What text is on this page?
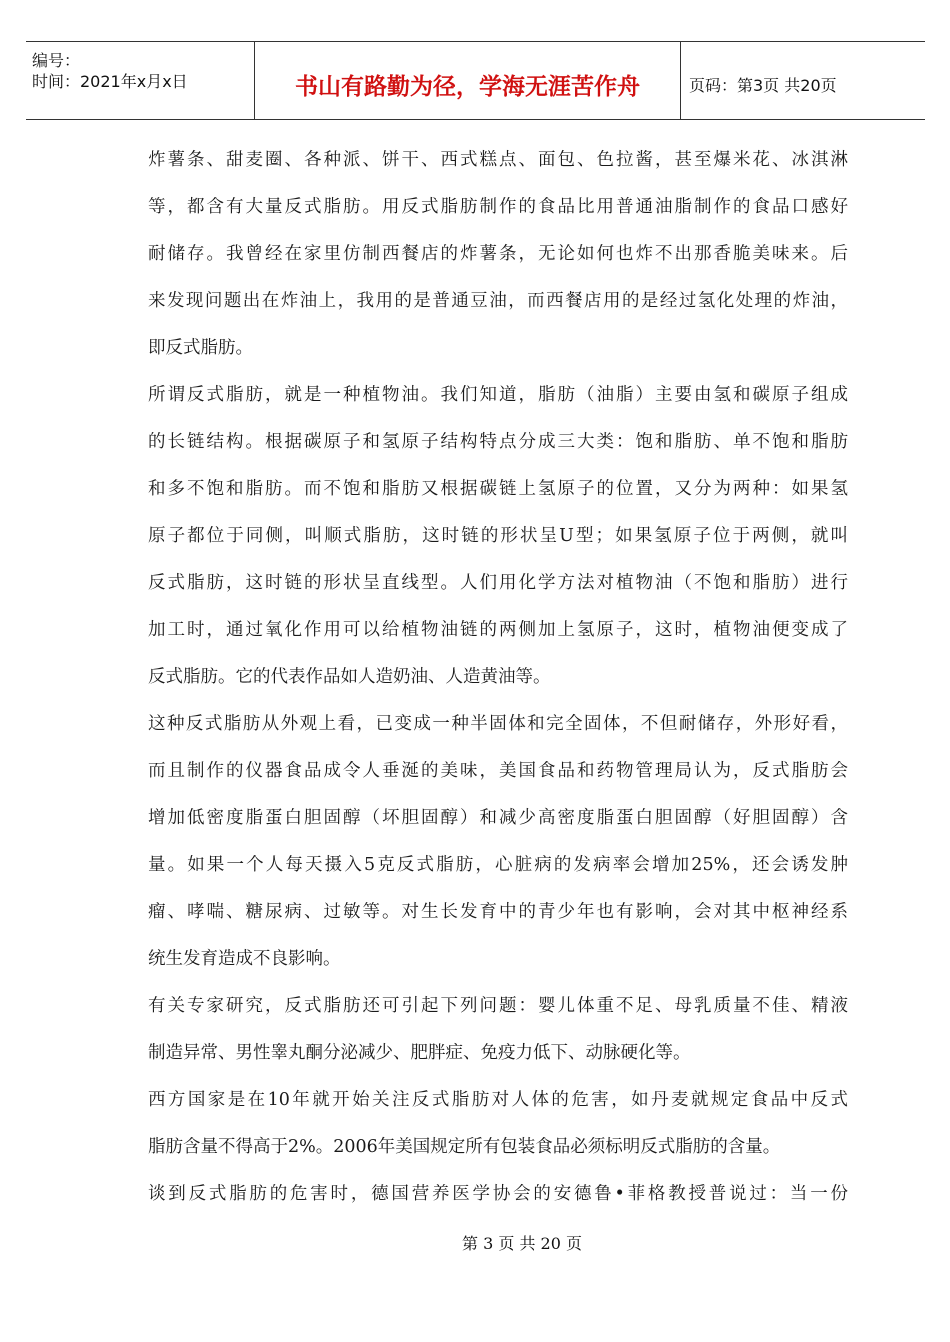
编号：
时间：2021年x月x日	书山有路勤为径，学海无涯苦作舟	页码：第3页 共20页
炸薯条、甜麦圈、各种派、饼干、西式糕点、面包、色拉酱，甚至爆米花、冰淇淋
等，都含有大量反式脂肪。用反式脂肪制作的食品比用普通油脂制作的食品口感好
耐储存。我曾经在家里仿制西餐店的炸薯条，无论如何也炸不出那香脆美味来。后
来发现问题出在炸油上，我用的是普通豆油，而西餐店用的是经过氢化处理的炸油，
即反式脂肪。
所谓反式脂肪，就是一种植物油。我们知道，脂肪（油脂）主要由氢和碳原子组成
的长链结构。根据碳原子和氢原子结构特点分成三大类：饱和脂肪、单不饱和脂肪
和多不饱和脂肪。而不饱和脂肪又根据碳链上氢原子的位置，又分为两种：如果氢
原子都位于同侧，叫顺式脂肪，这时链的形状呈U型；如果氢原子位于两侧，就叫
反式脂肪，这时链的形状呈直线型。人们用化学方法对植物油（不饱和脂肪）进行
加工时，通过氧化作用可以给植物油链的两侧加上氢原子，这时，植物油便变成了
反式脂肪。它的代表作品如人造奶油、人造黄油等。
这种反式脂肪从外观上看，已变成一种半固体和完全固体，不但耐储存，外形好看，
而且制作的仪器食品成令人垂涎的美味，美国食品和药物管理局认为，反式脂肪会
增加低密度脂蛋白胆固醇（坏胆固醇）和减少高密度脂蛋白胆固醇（好胆固醇）含
量。如果一个人每天摄入5克反式脂肪，心脏病的发病率会增加25%，还会诱发肿
瘤、哮喘、糖尿病、过敏等。对生长发育中的青少年也有影响，会对其中枢神经系
统生发育造成不良影响。
有关专家研究，反式脂肪还可引起下列问题：婴儿体重不足、母乳质量不佳、精液
制造异常、男性睾丸酮分泌减少、肥胖症、免疫力低下、动脉硬化等。
西方国家是在10年就开始关注反式脂肪对人体的危害，如丹麦就规定食品中反式
脂肪含量不得高于2%。2006年美国规定所有包装食品必须标明反式脂肪的含量。
谈到反式脂肪的危害时，德国营养医学协会的安德鲁•菲格教授普说过：当一份
第 3 页 共 20 页
